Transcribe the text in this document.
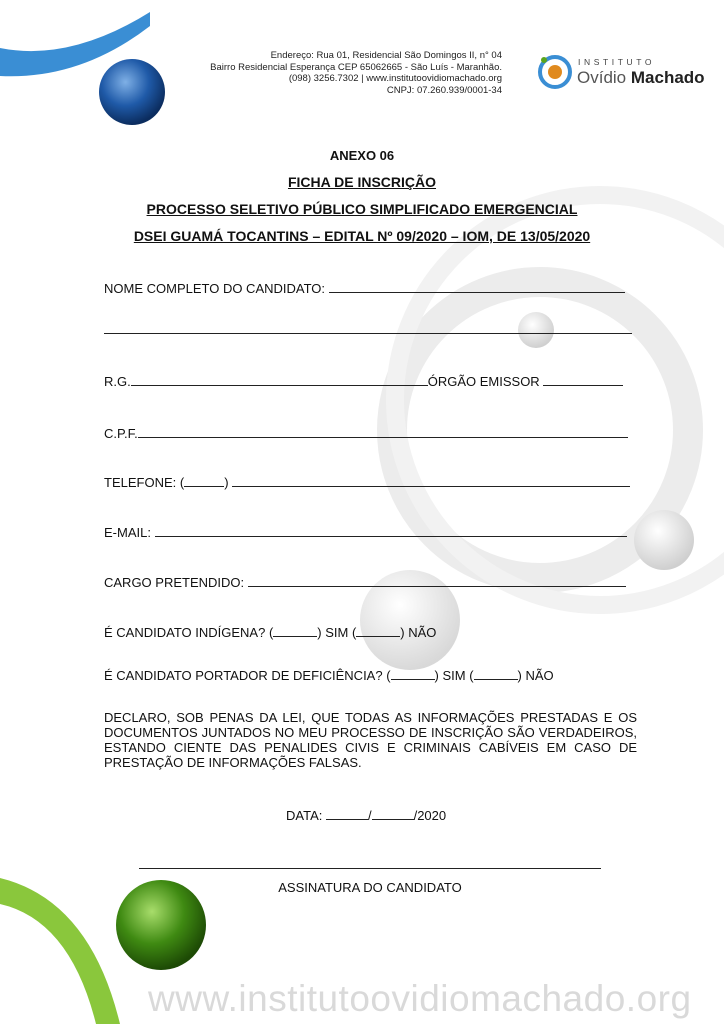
Endereço: Rua 01, Residencial São Domingos II, n° 04
Bairro Residencial Esperança CEP 65062665 - São Luís - Maranhão.
(098) 3256.7302 | www.institutoovidiomachado.org
CNPJ: 07.260.939/0001-34
INSTITUTO
Ovídio Machado
ANEXO 06
FICHA DE INSCRIÇÃO
PROCESSO SELETIVO PÚBLICO SIMPLIFICADO EMERGENCIAL
DSEI GUAMÁ TOCANTINS – EDITAL Nº 09/2020 – IOM, DE 13/05/2020
NOME COMPLETO DO CANDIDATO:
R.G.	ÓRGÃO EMISSOR
C.P.F.
TELEFONE: (	)
E-MAIL:
CARGO PRETENDIDO:
É CANDIDATO INDÍGENA? (	) SIM (	) NÃO
É CANDIDATO PORTADOR DE DEFICIÊNCIA? (	) SIM (	) NÃO
DECLARO, SOB PENAS DA LEI, QUE TODAS AS INFORMAÇÕES PRESTADAS E OS DOCUMENTOS JUNTADOS NO MEU PROCESSO DE INSCRIÇÃO SÃO VERDADEIROS, ESTANDO CIENTE DAS PENALIDES CIVIS E CRIMINAIS CABÍVEIS EM CASO DE PRESTAÇÃO DE INFORMAÇÕES FALSAS.
DATA:	/	/2020
ASSINATURA DO CANDIDATO
www.institutoovidiomachado.org
